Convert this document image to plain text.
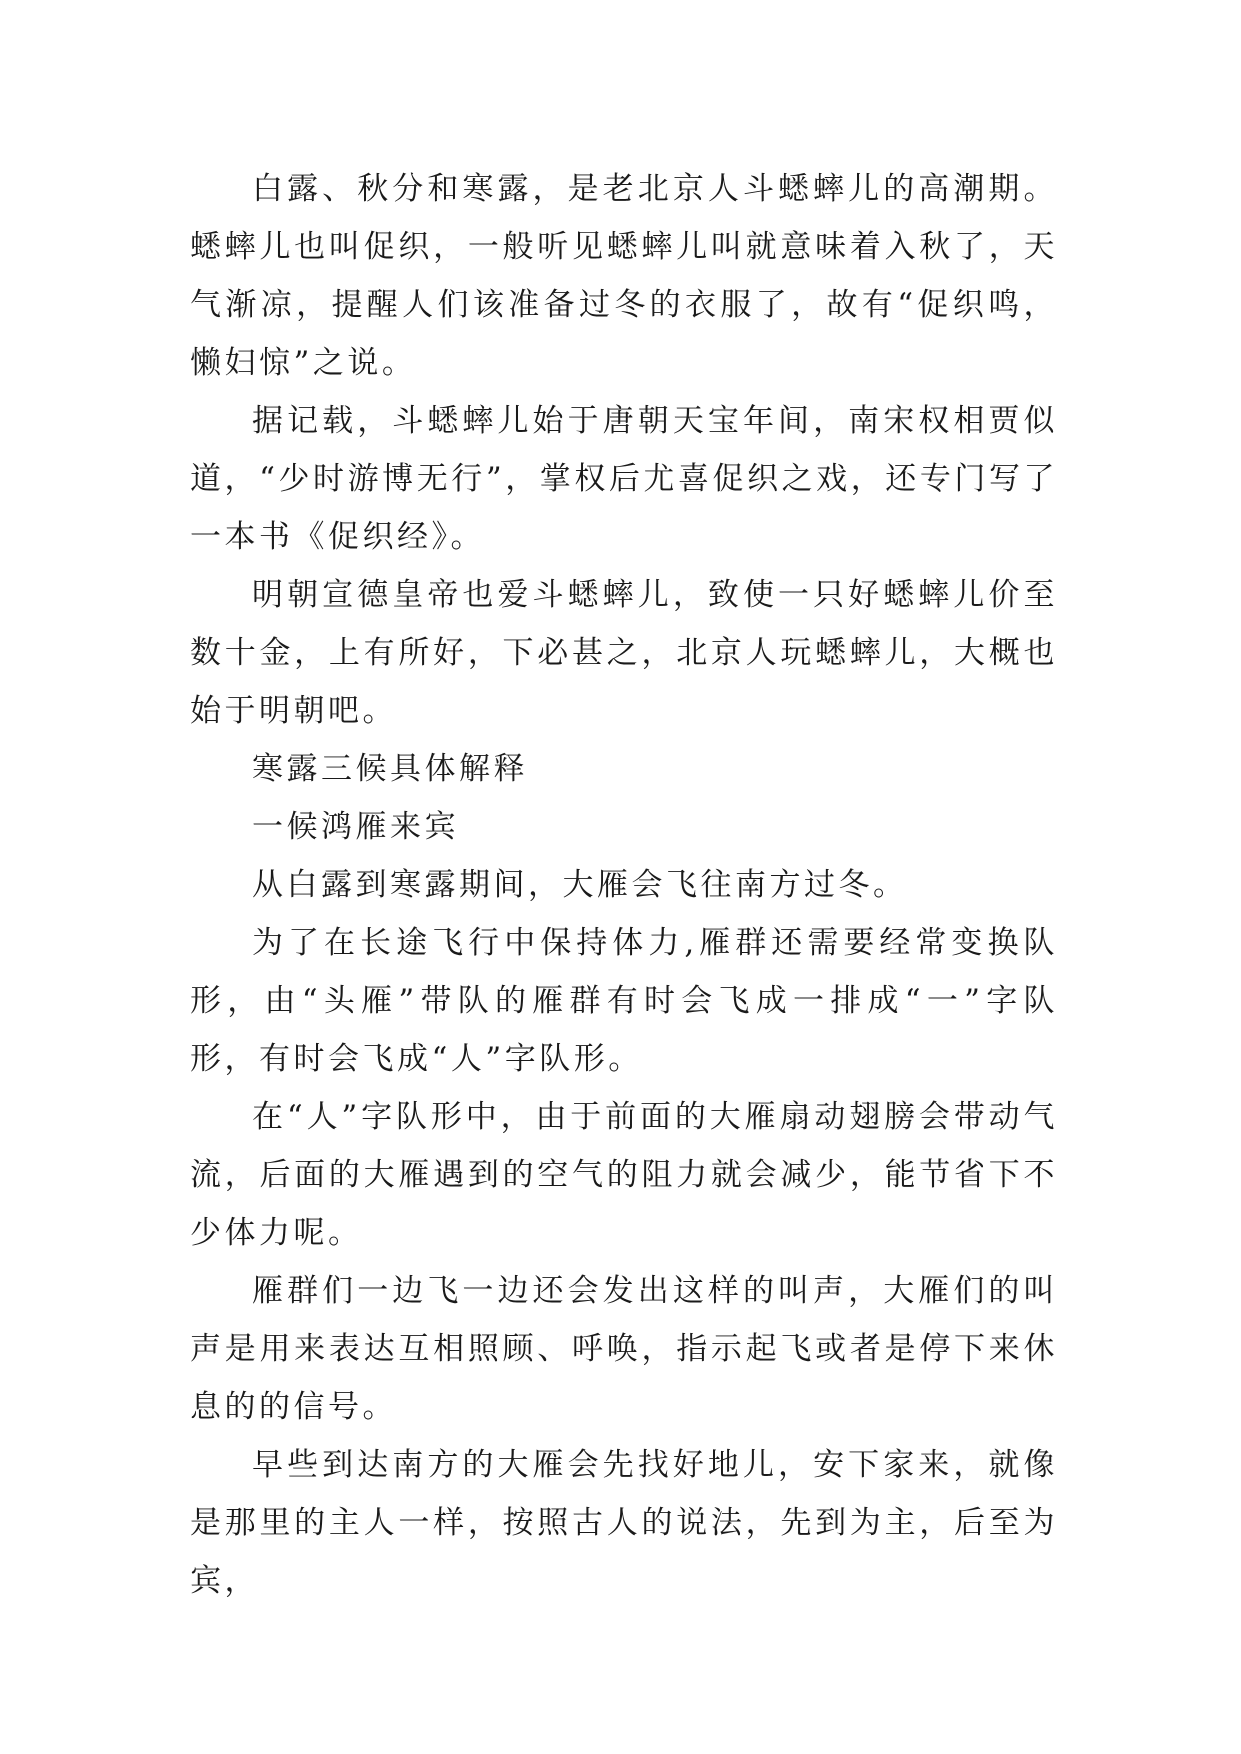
白露、秋分和寒露，是老北京人斗蟋蟀儿的高潮期。蟋蟀儿也叫促织，一般听见蟋蟀儿叫就意味着入秋了，天气渐凉，提醒人们该准备过冬的衣服了，故有“促织鸣，懒妇惊”之说。

据记载，斗蟋蟀儿始于唐朝天宝年间，南宋权相贾似道，“少时游博无行”，掌权后尤喜促织之戏，还专门写了一本书《促织经》。

明朝宣德皇帝也爱斗蟋蟀儿，致使一只好蟋蟀儿价至数十金，上有所好，下必甚之，北京人玩蟋蟀儿，大概也始于明朝吧。

寒露三候具体解释

一候鸿雁来宾

从白露到寒露期间，大雁会飞往南方过冬。

为了在长途飞行中保持体力,雁群还需要经常变换队形，由“头雁”带队的雁群有时会飞成一排成“一”字队形，有时会飞成“人”字队形。

在“人”字队形中，由于前面的大雁扇动翅膀会带动气流，后面的大雁遇到的空气的阻力就会减少，能节省下不少体力呢。

雁群们一边飞一边还会发出这样的叫声，大雁们的叫声是用来表达互相照顾、呼唤，指示起飞或者是停下来休息的的信号。

早些到达南方的大雁会先找好地儿，安下家来，就像是那里的主人一样，按照古人的说法，先到为主，后至为宾，
